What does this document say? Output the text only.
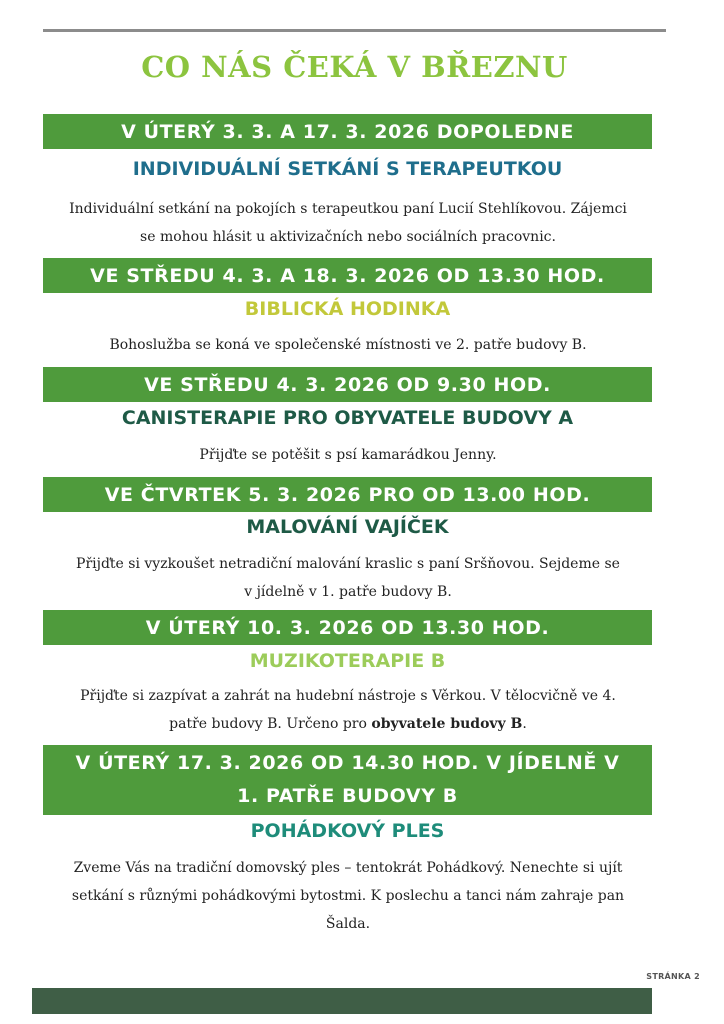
CO NÁS ČEKÁ V BŘEZNU
V ÚTERÝ 3. 3. A 17. 3. 2026 DOPOLEDNE
INDIVIDUÁLNÍ SETKÁNÍ S TERAPEUTKOU
Individuální setkání na pokojích s terapeutkou paní Lucií Stehlíkovou. Zájemci
se mohou hlásit u aktivizačních nebo sociálních pracovnic.
VE STŘEDU 4. 3. A 18. 3. 2026 OD 13.30 HOD.
BIBLICKÁ HODINKA
Bohoslužba se koná ve společenské místnosti ve 2. patře budovy B.
VE STŘEDU 4. 3. 2026 OD 9.30 HOD.
CANISTERAPIE PRO OBYVATELE BUDOVY A
Přijďte se potěšit s psí kamarádkou Jenny.
VE ČTVRTEK 5. 3. 2026 PRO OD 13.00 HOD.
MALOVÁNÍ VAJÍČEK
Přijďte si vyzkoušet netradiční malování kraslic s paní Sršňovou. Sejdeme se
v jídelně v 1. patře budovy B.
V ÚTERÝ 10. 3. 2026 OD 13.30 HOD.
MUZIKOTERAPIE B
Přijďte si zazpívat a zahrát na hudební nástroje s Věrkou. V tělocvičně ve 4.
patře budovy B. Určeno pro obyvatele budovy B.
V ÚTERÝ 17. 3. 2026 OD 14.30 HOD. V JÍDELNĚ V
1. PATŘE BUDOVY B
POHÁDKOVÝ PLES
Zveme Vás na tradiční domovský ples – tentokrát Pohádkový. Nenechte si ujít
setkání s různými pohádkovými bytostmi. K poslechu a tanci nám zahraje pan
Šalda.
STRÁNKA 2
